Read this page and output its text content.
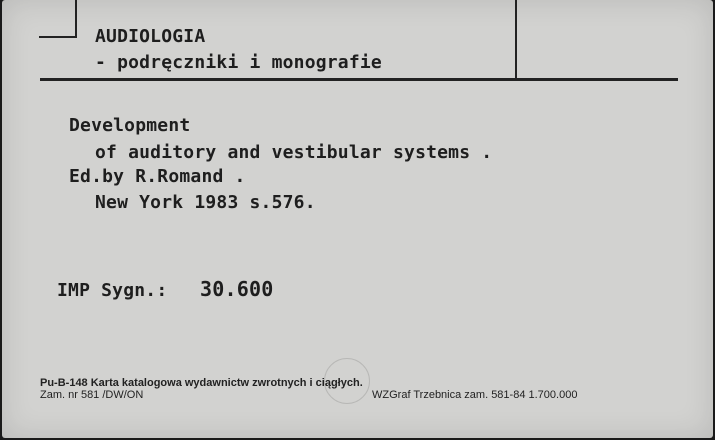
AUDIOLOGIA
- podręczniki i monografie
Development
of auditory and vestibular systems .
Ed.by R.Romand .
New York 1983 s.576.
IMP Sygn.: 30.600
Pu-B-148 Karta katalogowa wydawnictw zwrotnych i ciągłych.
Zam. nr 581 /DW/ON	WZGraf Trzebnica zam. 581-84 1.700.000
